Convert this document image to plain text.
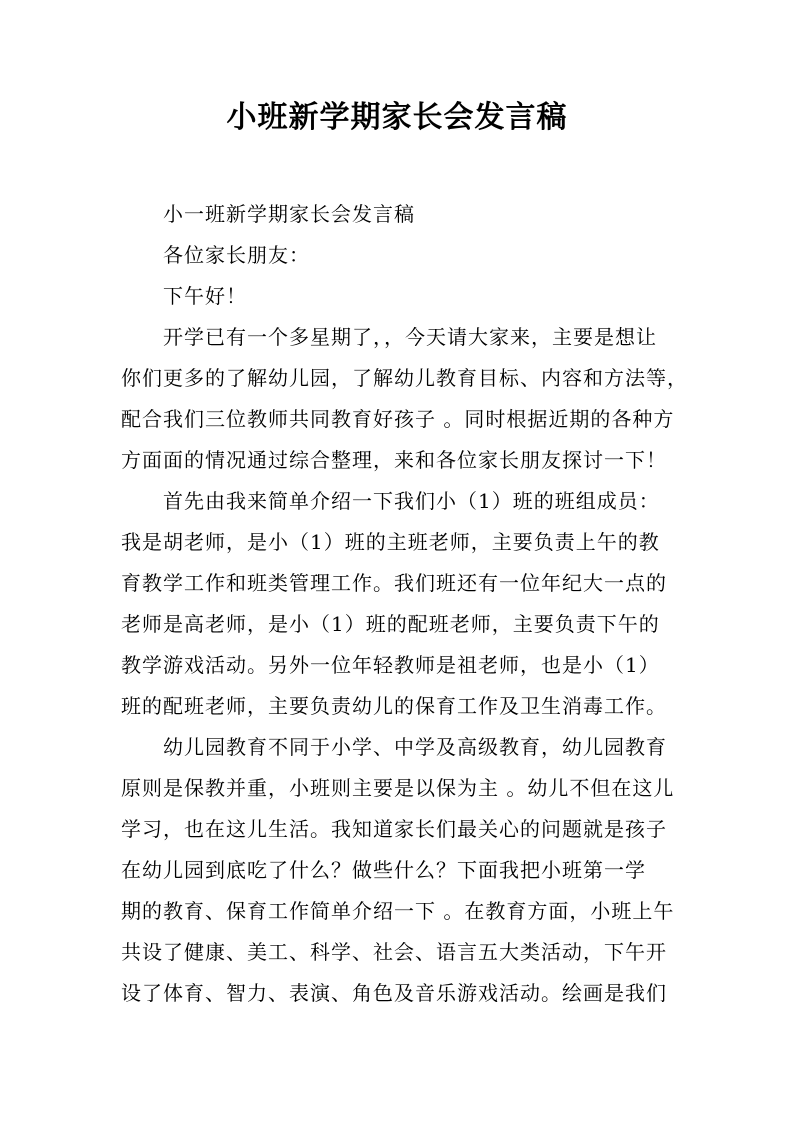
小班新学期家长会发言稿
小一班新学期家长会发言稿
各位家长朋友：
下午好！
开学已有一个多星期了，，今天请大家来，主要是想让
你们更多的了解幼儿园，了解幼儿教育目标、内容和方法等，
配合我们三位教师共同教育好孩子 。同时根据近期的各种方
方面面的情况通过综合整理，来和各位家长朋友探讨一下！
首先由我来简单介绍一下我们小（1）班的班组成员：
我是胡老师，是小（1）班的主班老师，主要负责上午的教
育教学工作和班类管理工作。我们班还有一位年纪大一点的
老师是高老师，是小（1）班的配班老师，主要负责下午的
教学游戏活动。另外一位年轻教师是祖老师，也是小（1）
班的配班老师，主要负责幼儿的保育工作及卫生消毒工作。
幼儿园教育不同于小学、中学及高级教育，幼儿园教育
原则是保教并重，小班则主要是以保为主 。幼儿不但在这儿
学习，也在这儿生活。我知道家长们最关心的问题就是孩子
在幼儿园到底吃了什么？做些什么？下面我把小班第一学
期的教育、保育工作简单介绍一下 。在教育方面，小班上午
共设了健康、美工、科学、社会、语言五大类活动，下午开
设了体育、智力、表演、角色及音乐游戏活动。绘画是我们
